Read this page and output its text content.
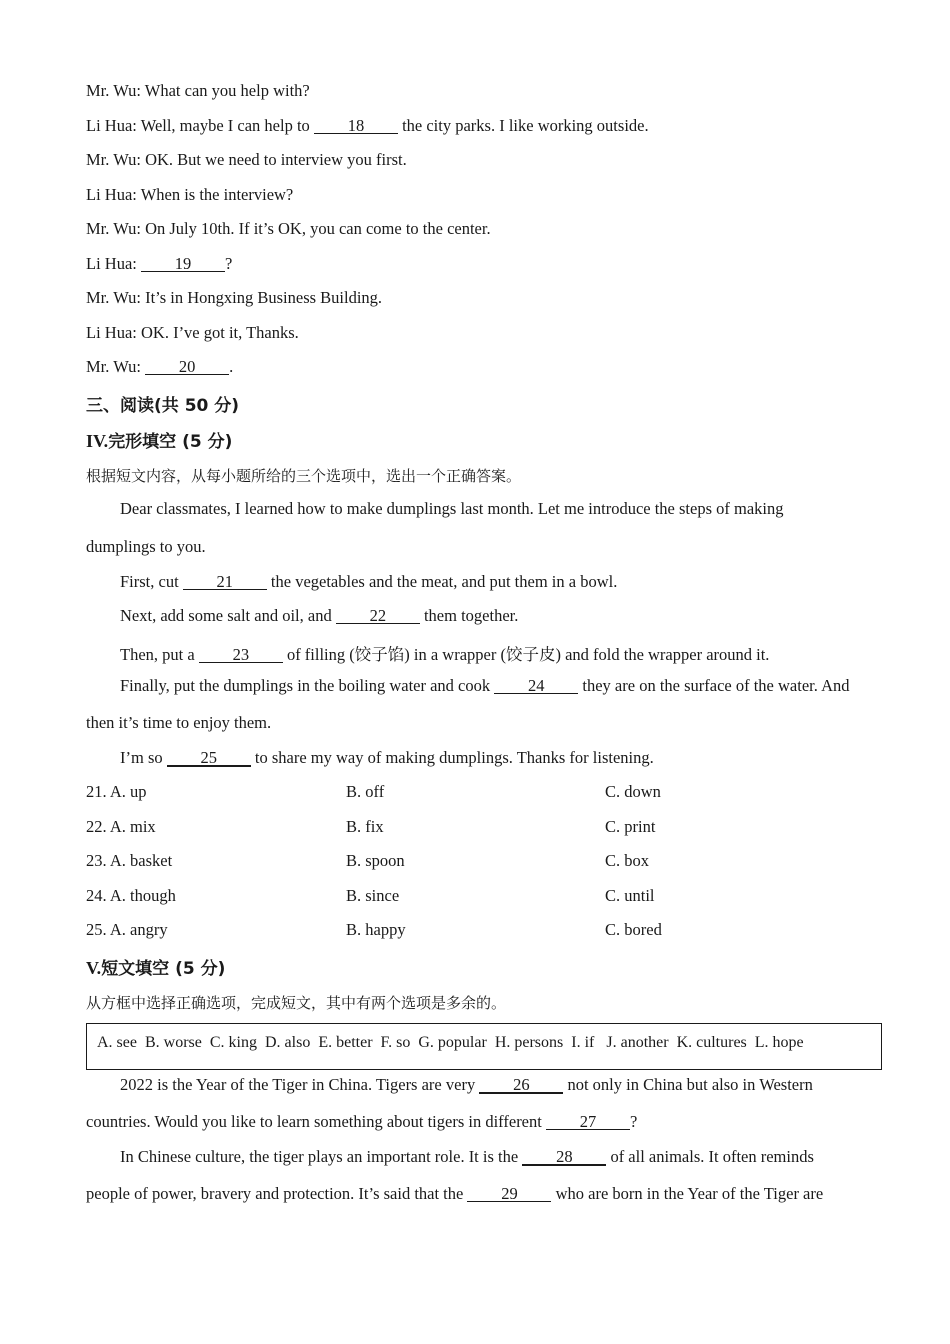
Mr. Wu: What can you help with?
Li Hua: Well, maybe I can help to 18 the city parks. I like working outside.
Mr. Wu: OK. But we need to interview you first.
Li Hua: When is the interview?
Mr. Wu: On July 10th. If it’s OK, you can come to the center.
Li Hua: 19 ?
Mr. Wu: It’s in Hongxing Business Building.
Li Hua: OK. I’ve got it, Thanks.
Mr. Wu: 20 .
三、阅读(共 50 分)
IV.完形填空 (5 分)
根据短文内容，从每小题所给的三个选项中，选出一个正确答案。
Dear classmates, I learned how to make dumplings last month. Let me introduce the steps of making
dumplings to you.
First, cut 21 the vegetables and the meat, and put them in a bowl.
Next, add some salt and oil, and 22 them together.
Then, put a 23 of filling (饺子馅) in a wrapper (饺子皮) and fold the wrapper around it.
Finally, put the dumplings in the boiling water and cook 24 they are on the surface of the water. And
then it’s time to enjoy them.
I’m so 25 to share my way of making dumplings. Thanks for listening.
21. A. up	B. off	C. down
22. A. mix	B. fix	C. print
23. A. basket	B. spoon	C. box
24. A. though	B. since	C. until
25. A. angry	B. happy	C. bored
V.短文填空 (5 分)
从方框中选择正确选项，完成短文，其中有两个选项是多余的。
A. see B. worse C. king D. also E. better F. so G. popular H. persons I. if J. another K. cultures L. hope
2022 is the Year of the Tiger in China. Tigers are very 26 not only in China but also in Western
countries. Would you like to learn something about tigers in different 27 ?
In Chinese culture, the tiger plays an important role. It is the 28 of all animals. It often reminds
people of power, bravery and protection. It’s said that the 29 who are born in the Year of the Tiger are
